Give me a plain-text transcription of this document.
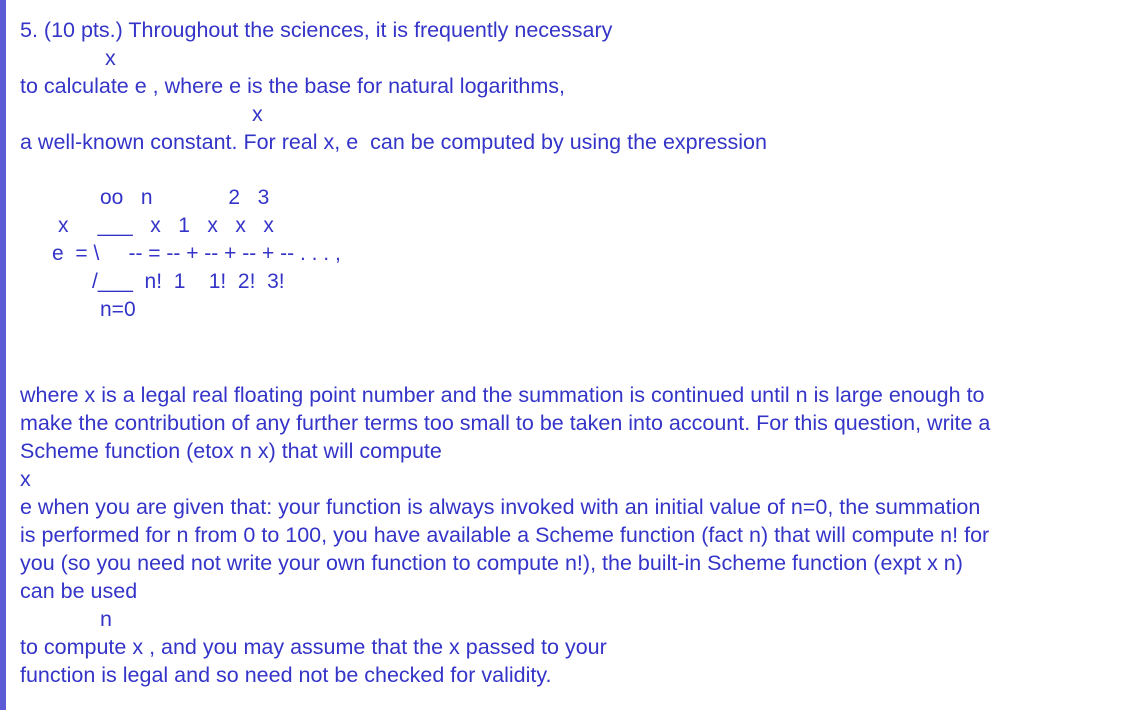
5. (10 pts.) Throughout the sciences, it is frequently necessary
x
to calculate e , where e is the base for natural logarithms,
x
a well-known constant. For real x, e  can be computed by using the expression
oo   n             2   3
x     ___   x   1   x   x   x
e  = \     -- = -- + -- + -- + -- . . . ,
/___  n!  1    1!  2!  3!
n=0
where x is a legal real floating point number and the summation is continued until n is large enough to
make the contribution of any further terms too small to be taken into account. For this question, write a
Scheme function (etox n x) that will compute
x
e when you are given that: your function is always invoked with an initial value of n=0, the summation
is performed for n from 0 to 100, you have available a Scheme function (fact n) that will compute n! for
you (so you need not write your own function to compute n!), the built-in Scheme function (expt x n)
can be used
n
to compute x , and you may assume that the x passed to your
function is legal and so need not be checked for validity.
